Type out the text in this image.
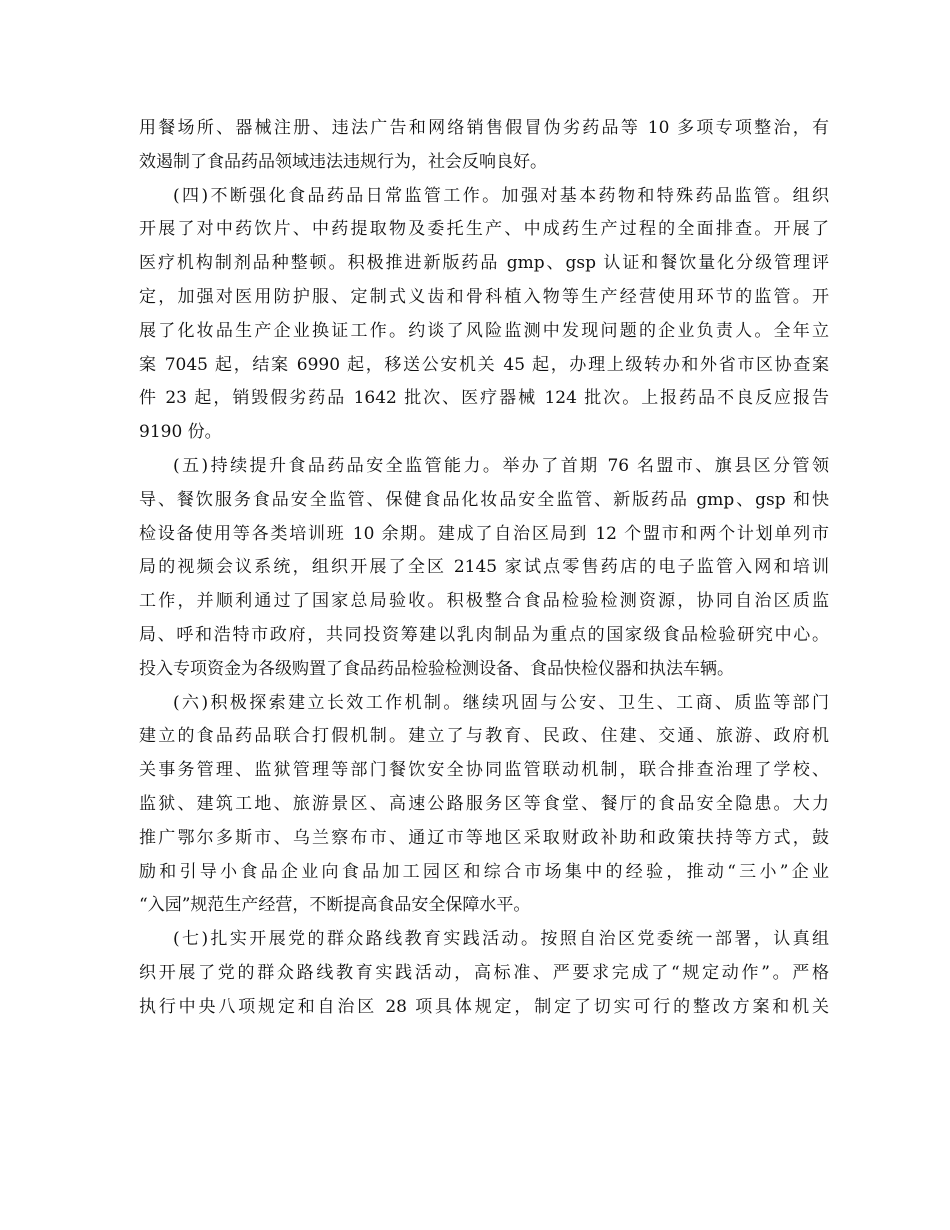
用餐场所、器械注册、违法广告和网络销售假冒伪劣药品等 10 多项专项整治，有
效遏制了食品药品领域违法违规行为，社会反响良好。
(四)不断强化食品药品日常监管工作。加强对基本药物和特殊药品监管。组织
开展了对中药饮片、中药提取物及委托生产、中成药生产过程的全面排查。开展了
医疗机构制剂品种整顿。积极推进新版药品 gmp、gsp 认证和餐饮量化分级管理评
定，加强对医用防护服、定制式义齿和骨科植入物等生产经营使用环节的监管。开
展了化妆品生产企业换证工作。约谈了风险监测中发现问题的企业负责人。全年立
案 7045 起，结案 6990 起，移送公安机关 45 起，办理上级转办和外省市区协查案
件 23 起，销毁假劣药品 1642 批次、医疗器械 124 批次。上报药品不良反应报告
9190 份。
(五)持续提升食品药品安全监管能力。举办了首期 76 名盟市、旗县区分管领
导、餐饮服务食品安全监管、保健食品化妆品安全监管、新版药品 gmp、gsp 和快
检设备使用等各类培训班 10 余期。建成了自治区局到 12 个盟市和两个计划单列市
局的视频会议系统，组织开展了全区 2145 家试点零售药店的电子监管入网和培训
工作，并顺利通过了国家总局验收。积极整合食品检验检测资源，协同自治区质监
局、呼和浩特市政府，共同投资筹建以乳肉制品为重点的国家级食品检验研究中心。
投入专项资金为各级购置了食品药品检验检测设备、食品快检仪器和执法车辆。
(六)积极探索建立长效工作机制。继续巩固与公安、卫生、工商、质监等部门
建立的食品药品联合打假机制。建立了与教育、民政、住建、交通、旅游、政府机
关事务管理、监狱管理等部门餐饮安全协同监管联动机制，联合排查治理了学校、
监狱、建筑工地、旅游景区、高速公路服务区等食堂、餐厅的食品安全隐患。大力
推广鄂尔多斯市、乌兰察布市、通辽市等地区采取财政补助和政策扶持等方式，鼓
励和引导小食品企业向食品加工园区和综合市场集中的经验，推动“三小”企业
“入园”规范生产经营，不断提高食品安全保障水平。
(七)扎实开展党的群众路线教育实践活动。按照自治区党委统一部署，认真组
织开展了党的群众路线教育实践活动，高标准、严要求完成了“规定动作”。严格
执行中央八项规定和自治区 28 项具体规定，制定了切实可行的整改方案和机关
